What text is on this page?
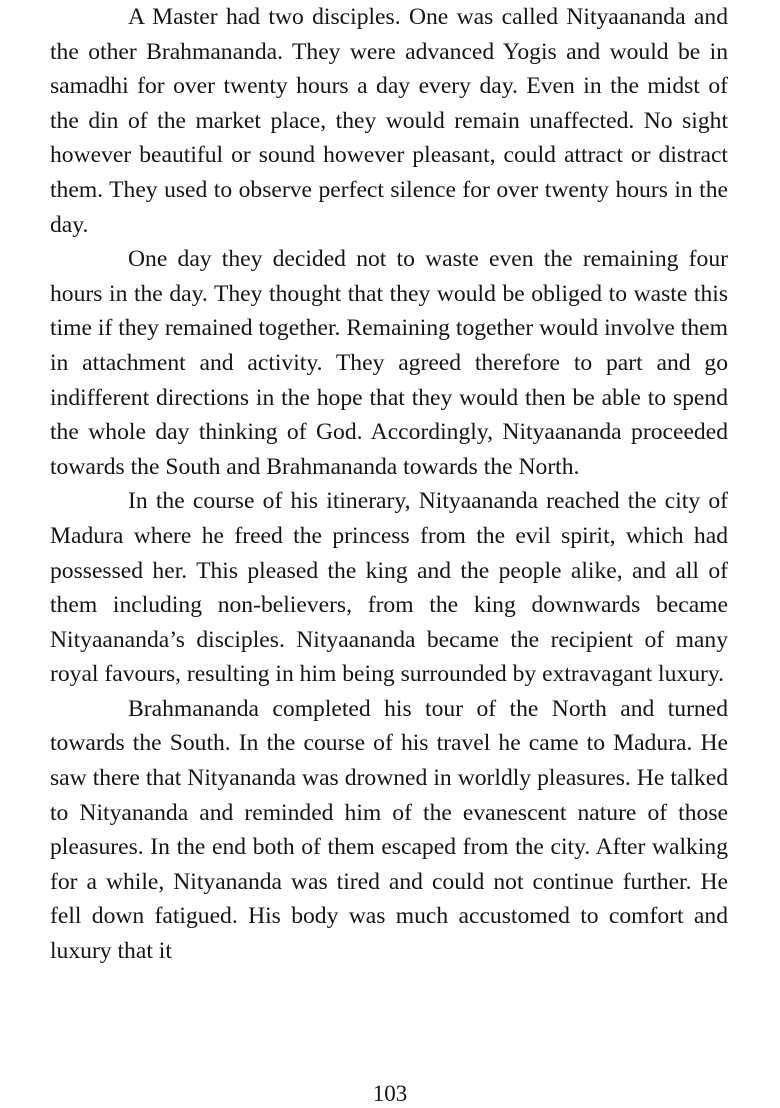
A Master had two disciples. One was called Nityaananda and the other Brahmananda. They were advanced Yogis and would be in samadhi for over twenty hours a day every day. Even in the midst of the din of the market place, they would remain unaffected. No sight however beautiful or sound however pleasant, could attract or distract them. They used to observe perfect silence for over twenty hours in the day.

One day they decided not to waste even the remaining four hours in the day. They thought that they would be obliged to waste this time if they remained together. Remaining together would involve them in attachment and activity. They agreed therefore to part and go indifferent directions in the hope that they would then be able to spend the whole day thinking of God. Accordingly, Nityaananda proceeded towards the South and Brahmananda towards the North.

In the course of his itinerary, Nityaananda reached the city of Madura where he freed the princess from the evil spirit, which had possessed her. This pleased the king and the people alike, and all of them including non-believers, from the king downwards became Nityaananda’s disciples. Nityaananda became the recipient of many royal favours, resulting in him being surrounded by extravagant luxury.

Brahmananda completed his tour of the North and turned towards the South. In the course of his travel he came to Madura. He saw there that Nityananda was drowned in worldly pleasures. He talked to Nityananda and reminded him of the evanescent nature of those pleasures. In the end both of them escaped from the city. After walking for a while, Nityananda was tired and could not continue further. He fell down fatigued. His body was much accustomed to comfort and luxury that it

103
